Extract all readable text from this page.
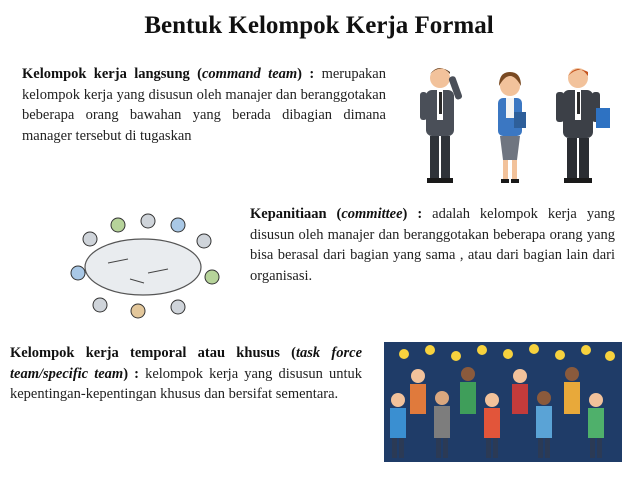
Bentuk Kelompok Kerja Formal
Kelompok kerja langsung (command team) : merupakan kelompok kerja yang disusun oleh manajer dan beranggotakan beberapa orang bawahan yang berada dibagian dimana manager tersebut di tugaskan
Kepanitiaan (committee) : adalah kelompok kerja yang disusun oleh manajer dan beranggotakan beberapa orang yang bisa berasal dari bagian yang sama , atau dari bagian lain dari organisasi.
Kelompok kerja temporal atau khusus (task force team/specific team) : kelompok kerja yang disusun untuk kepentingan-kepentingan khusus dan bersifat sementara.
